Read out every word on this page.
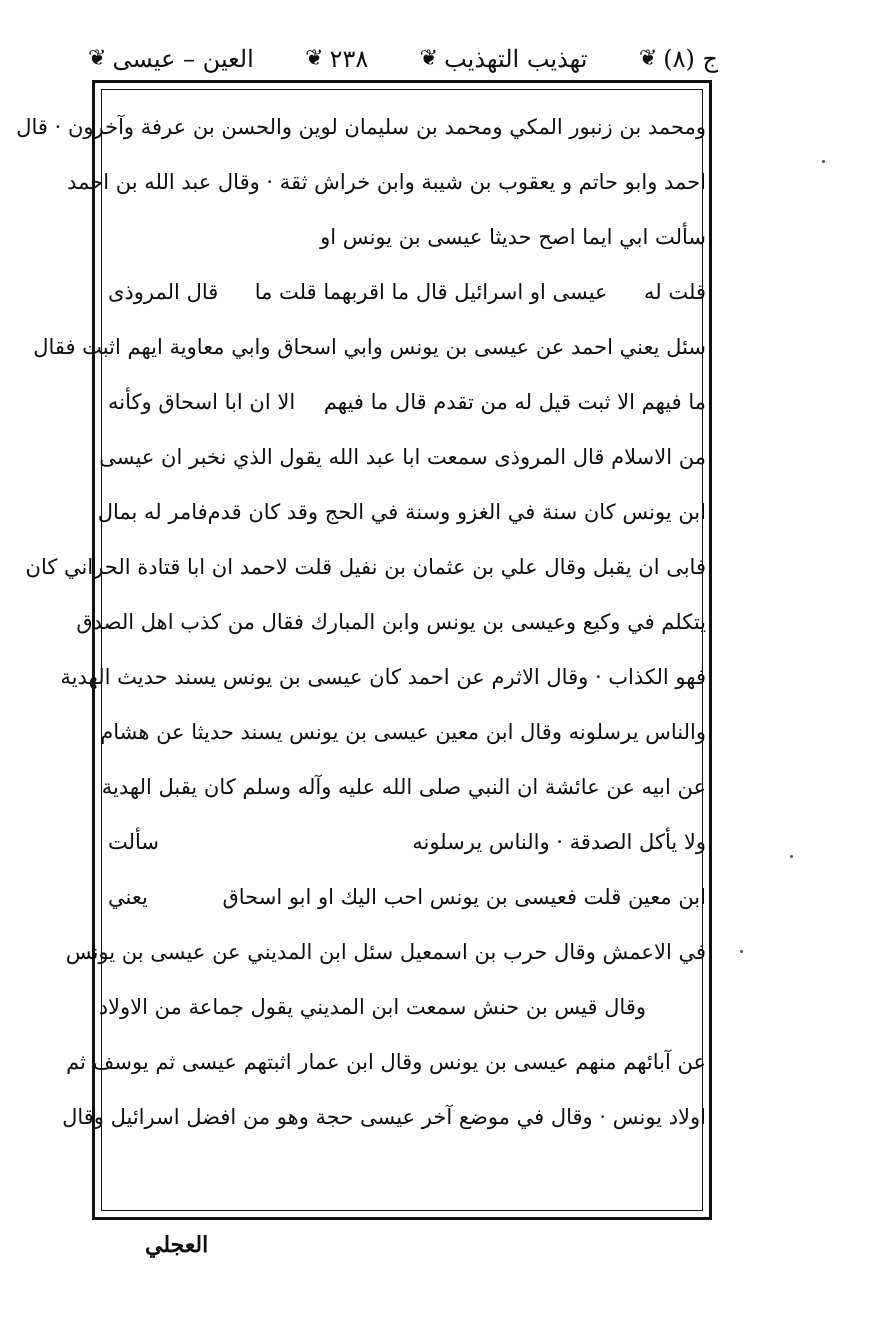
ج (٨)
❦
تهذيب التهذيب
❦
٢٣٨
❦
العين – عيسى
❦
ومحمد بن زنبور المكي ومحمد بن سليمان لوين والحسن بن عرفة وآخرون · قال
احمد وابو حاتم و يعقوب بن شيبة وابن خراش ثقة · وقال عبد الله بن احمد
سألت ابي ايما اصح حديثا عيسى بن يونس او
قلت له
عيسى او اسرائيل قال ما اقربهما قلت ما
قال المروذى
سئل يعني احمد عن عيسى بن يونس وابي اسحاق وابي معاوية ايهم اثبت فقال
ما فيهم الا ثبت قيل له من تقدم قال ما فيهم
الا ان ابا اسحاق وكأنه
من الاسلام قال المروذى سمعت ابا عبد الله يقول الذي نخبر ان عيسى
ابن يونس كان سنة في الغزو وسنة في الحج وقد كان قدم
فامر له بمال
فابى ان يقبل وقال علي بن عثمان بن نفيل قلت لاحمد ان ابا قتادة الحراني كان
يتكلم في وكيع وعيسى بن يونس وابن المبارك فقال من كذب اهل الصدق
فهو الكذاب · وقال الاثرم عن احمد كان عيسى بن يونس يسند حديث الهدية
والناس يرسلونه وقال ابن معين عيسى بن يونس يسند حديثا عن هشام
عن ابيه عن عائشة ان النبي صلى الله عليه وآله وسلم كان يقبل الهدية
ولا يأكل الصدقة · والناس يرسلونه
سألت
ابن معين قلت فعيسى بن يونس احب اليك او ابو اسحاق
يعني
في الاعمش وقال حرب بن اسمعيل سئل ابن المديني عن عيسى بن يونس
وقال قيس بن حنش سمعت ابن المديني يقول جماعة من الاولاد
عن آبائهم منهم عيسى بن يونس وقال ابن عمار اثبتهم عيسى ثم يوسف ثم
اولاد يونس · وقال في موضع آخر عيسى حجة وهو من افضل اسرائيل وقال
العجلي
